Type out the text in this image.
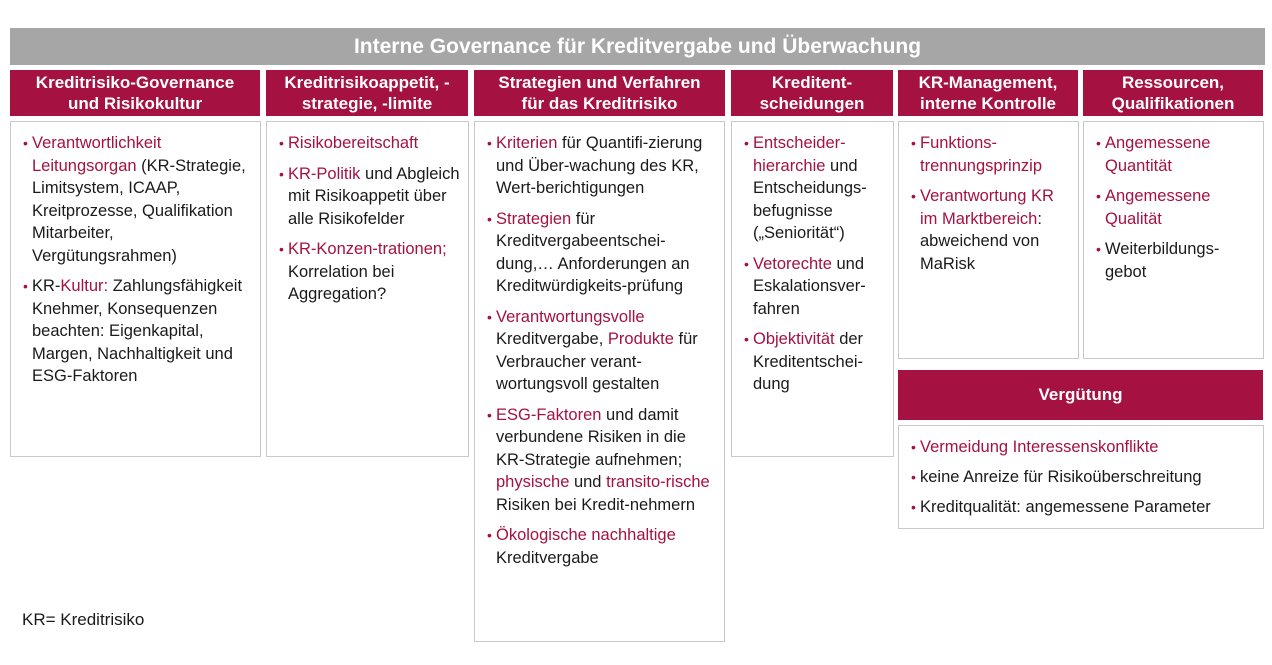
Interne Governance für Kreditvergabe und Überwachung
Kreditrisiko-Governance
und Risikokultur
Kreditrisikoappetit, -
strategie, -limite
Strategien und Verfahren
für das Kreditrisiko
Kreditent-
scheidungen
KR-Management,
interne Kontrolle
Ressourcen,
Qualifikationen
• Verantwortlichkeit Leitungsorgan (KR-Strategie, Limitsystem, ICAAP, Kreitprozesse, Qualifikation Mitarbeiter, Vergütungsrahmen)
• KR-Kultur: Zahlungsfähigkeit Knehmer, Konsequenzen beachten: Eigenkapital, Margen, Nachhaltigkeit und ESG-Faktoren
• Risikobereitschaft
• KR-Politik und Abgleich mit Risikoappetit über alle Risikofelder
• KR-Konzen-trationen; Korrelation bei Aggregation?
• Kriterien für Quantifi-zierung und Über-wachung des KR, Wert-berichtigungen
• Strategien für Kreditvergabeentschei-dung,… Anforderungen an Kreditwürdigkeits-prüfung
• Verantwortungsvolle Kreditvergabe, Produkte für Verbraucher verant-wortungsvoll gestalten
• ESG-Faktoren und damit verbundene Risiken in die KR-Strategie aufnehmen; physische und transito-rische Risiken bei Kredit-nehmern
• Ökologische nachhaltige Kreditvergabe
• Entscheider-hierarchie und Entscheidungs-befugnisse („Seniorität“)
• Vetorechte und Eskalationsver-fahren
• Objektivität der Kreditentschei-dung
• Funktions-trennungsprinzip
• Verantwortung KR im Marktbereich: abweichend von MaRisk
• Angemessene Quantität
• Angemessene Qualität
• Weiterbildungs-gebot
Vergütung
• Vermeidung Interessenskonflikte
• keine Anreize für Risikoüberschreitung
• Kreditqualität: angemessene Parameter
KR= Kreditrisiko
